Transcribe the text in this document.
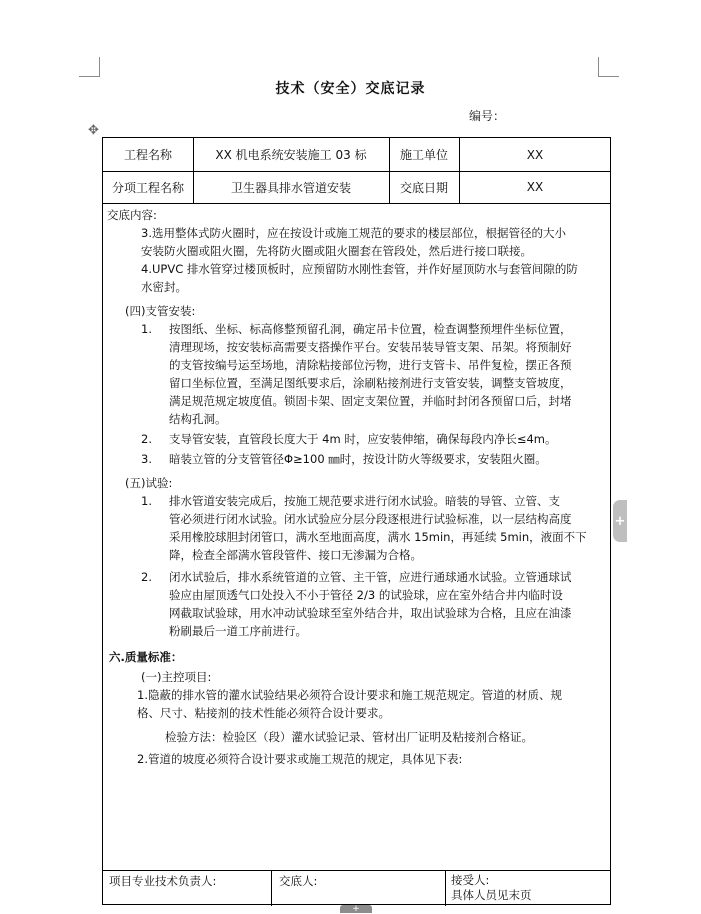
技术（安全）交底记录
编号：
✥
工程名称	XX 机电系统安装施工 03 标	施工单位	XX
分项工程名称	卫生器具排水管道安装	交底日期	XX
交底内容:
3.选用整体式防火圈时，应在按设计或施工规范的要求的楼层部位，根据管径的大小
安装防火圈或阻火圈，先将防火圈或阻火圈套在管段处，然后进行接口联接。
4.UPVC 排水管穿过楼顶板时，应预留防水刚性套管，并作好屋顶防水与套管间隙的防
水密封。
(四)支管安装:
1. 按图纸、坐标、标高修整预留孔洞，确定吊卡位置，检查调整预埋件坐标位置，
清理现场，按安装标高需要支搭操作平台。安装吊装导管支架、吊架。将预制好
的支管按编号运至场地，清除粘接部位污物，进行支管卡、吊件复检，摆正各预
留口坐标位置，至满足图纸要求后，涂刷粘接剂进行支管安装，调整支管坡度，
满足规范规定坡度值。锁固卡架、固定支架位置，并临时封闭各预留口后，封堵
结构孔洞。
2. 支导管安装，直管段长度大于 4m 时，应安装伸缩，确保每段内净长≤4m。
3. 暗装立管的分支管管径Φ≥100 ㎜时，按设计防火等级要求，安装阻火圈。
(五)试验:
1. 排水管道安装完成后，按施工规范要求进行闭水试验。暗装的导管、立管、支
管必须进行闭水试验。闭水试验应分层分段逐根进行试验标准，以一层结构高度
采用橡胶球胆封闭管口，满水至地面高度，满水 15min，再延续 5min，液面不下
降，检查全部满水管段管件、接口无渗漏为合格。
2. 闭水试验后，排水系统管道的立管、主干管，应进行通球通水试验。立管通球试
验应由屋顶透气口处投入不小于管径 2/3 的试验球，应在室外结合井内临时设
网截取试验球，用水冲动试验球至室外结合井，取出试验球为合格，且应在油漆
粉刷最后一道工序前进行。
六.质量标准：
(一)主控项目:
1.隐蔽的排水管的灌水试验结果必须符合设计要求和施工规范规定。管道的材质、规
格、尺寸、粘接剂的技术性能必须符合设计要求。
检验方法：检验区（段）灌水试验记录、管材出厂证明及粘接剂合格证。
2.管道的坡度必须符合设计要求或施工规范的规定，具体见下表:
项目专业技术负责人:	交底人:	接受人:
具体人员见末页
+
+
